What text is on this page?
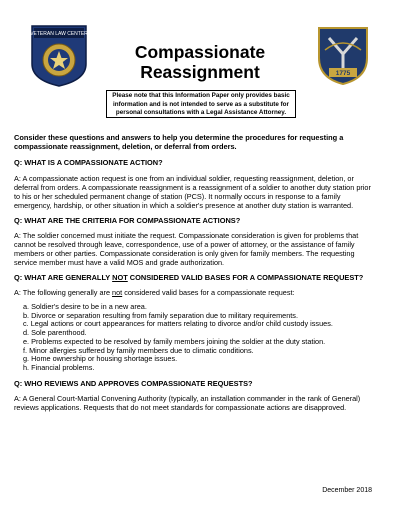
VETERAN LAW CENTER
Compassionate
Reassignment	1775
Please note that this Information Paper only provides basic information and is not intended to serve as a substitute for personal consultations with a Legal Assistance Attorney.

Consider these questions and answers to help you determine the procedures for requesting a compassionate reassignment, deletion, or deferral from orders.

Q: WHAT IS A COMPASSIONATE ACTION?

A: A compassionate action request is one from an individual soldier, requesting reassignment, deletion, or deferral from orders. A compassionate reassignment is a reassignment of a soldier to another duty station prior to his or her scheduled permanent change of station (PCS). It normally occurs in response to a family emergency, hardship, or other situation in which a soldier's presence at another duty station is warranted.

Q: WHAT ARE THE CRITERIA FOR COMPASSIONATE ACTIONS?

A: The soldier concerned must initiate the request. Compassionate consideration is given for problems that cannot be resolved through leave, correspondence, use of a power of attorney, or the assistance of family members or other parties. Compassionate consideration is only given for family members. The requesting service member must have a valid MOS and grade authorization.

Q: WHAT ARE GENERALLY NOT CONSIDERED VALID BASES FOR A COMPASSIONATE REQUEST?

A: The following generally are not considered valid bases for a compassionate request:

a. Soldier's desire to be in a new area.
b. Divorce or separation resulting from family separation due to military requirements.
c. Legal actions or court appearances for matters relating to divorce and/or child custody issues.
d. Sole parenthood.
e. Problems expected to be resolved by family members joining the soldier at the duty station.
f. Minor allergies suffered by family members due to climatic conditions.
g. Home ownership or housing shortage issues.
h. Financial problems.

Q: WHO REVIEWS AND APPROVES COMPASSIONATE REQUESTS?

A: A General Court-Martial Convening Authority (typically, an installation commander in the rank of General) reviews applications. Requests that do not meet standards for compassionate actions are disapproved.

December 2018
